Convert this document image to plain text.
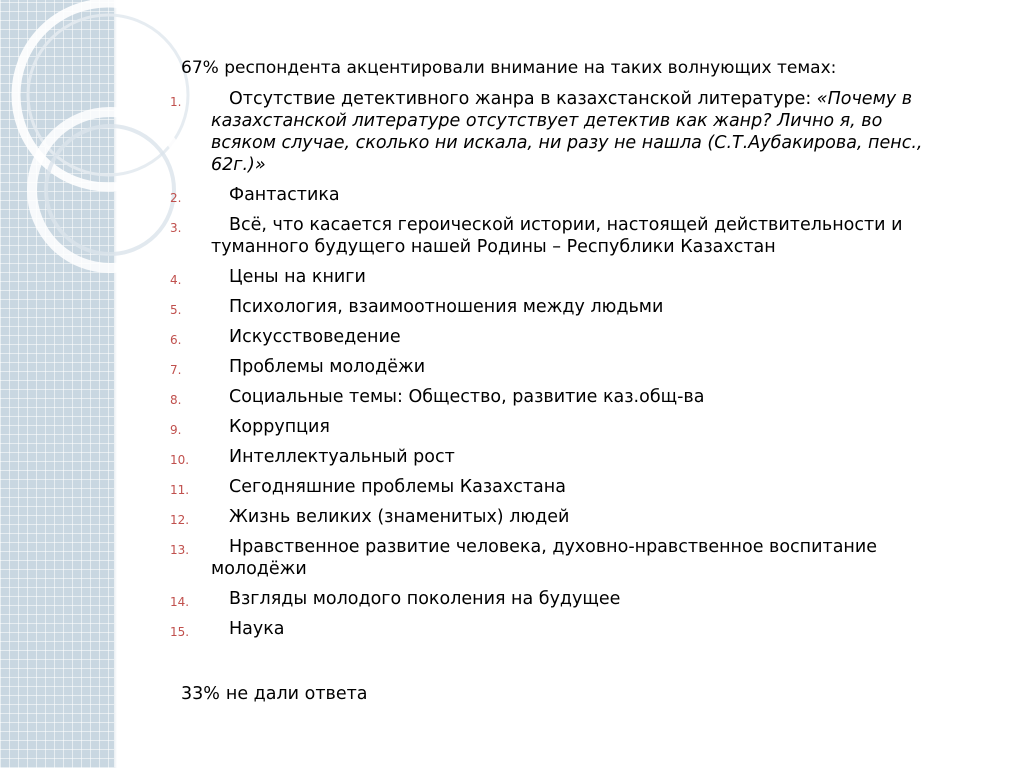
67% респондента акцентировали внимание на таких волнующих темах:
1.	Отсутствие детективного жанра в казахстанской литературе: «Почему в казахстанской литературе отсутствует детектив как жанр? Лично я, во всяком случае, сколько ни искала, ни разу не нашла (С.Т.Аубакирова, пенс., 62г.)»
2.	Фантастика
3.	Всё, что касается героической истории, настоящей действительности и туманного будущего нашей Родины – Республики Казахстан
4.	Цены на книги
5.	Психология, взаимоотношения между людьми
6.	Искусствоведение
7.	Проблемы молодёжи
8.	Социальные темы: Общество, развитие каз.общ-ва
9.	Коррупция
10.	Интеллектуальный рост
11.	Сегодняшние проблемы Казахстана
12.	Жизнь великих (знаменитых) людей
13.	Нравственное развитие человека, духовно-нравственное воспитание молодёжи
14.	Взгляды молодого поколения на будущее
15.	Наука
33% не дали ответа
